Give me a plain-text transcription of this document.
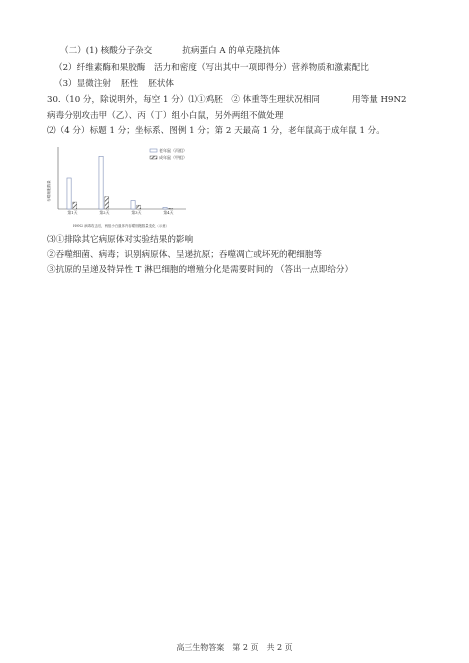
（二）(1) 核酸分子杂交	抗病蛋白 A 的单克隆抗体
（2）纤维素酶和果胶酶　活力和密度（写出其中一项即得分）营养物质和激素配比
（3）显微注射 胚性 胚状体
30.（10 分，除说明外，每空 1 分）⑴①鸡胚　② 体重等生理状况相同	用等量 H9N2
病毒分别攻击甲（乙）、丙（丁）组小白鼠，另外两组不做处理
⑵（4 分）标题 1 分；坐标系、图例 1 分；第 2 天最高 1 分，老年鼠高于成年鼠 1 分。
吞噬细胞数量
老年鼠（丙组）
成年鼠（甲组）
第1天	第2天	第3天	第4天
H9N2 病毒攻击后，两组小白鼠体内吞噬细胞数量变化（示意）
⑶①排除其它病原体对实验结果的影响
②吞噬细菌、病毒；识别病原体、呈递抗原；吞噬凋亡或坏死的靶细胞等
③抗原的呈递及特异性 T 淋巴细胞的增殖分化是需要时间的 （答出一点即给分）
高三生物答案　第 2 页　共 2 页
